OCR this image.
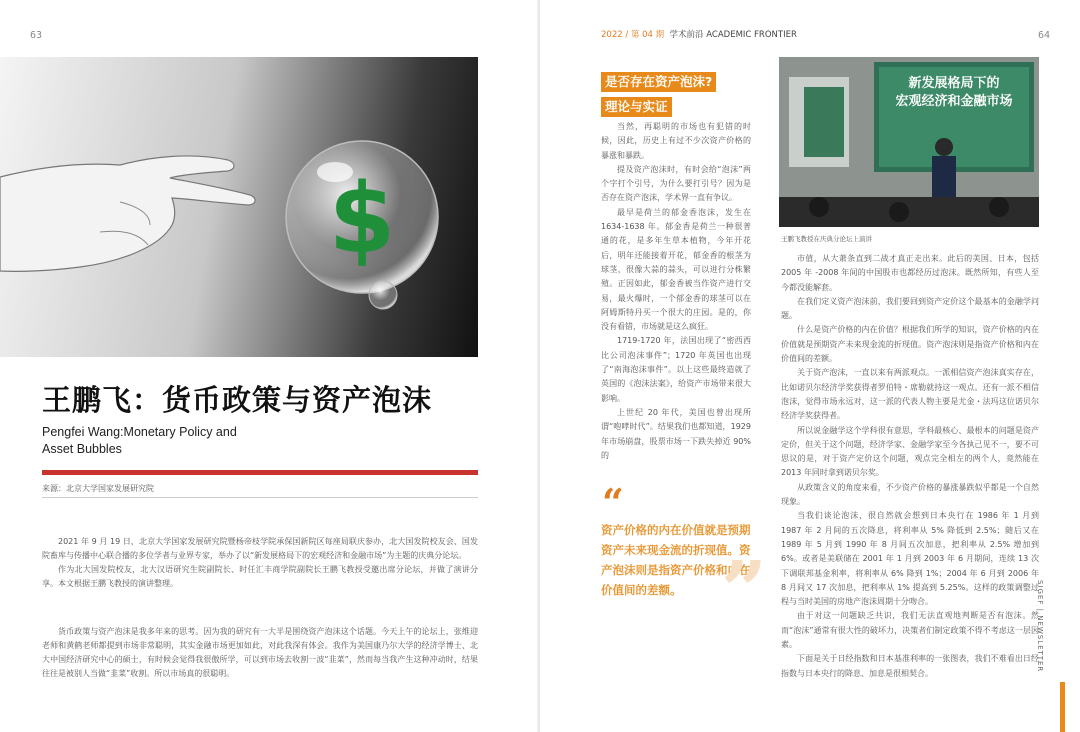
63
$
王鹏飞：货币政策与资产泡沫
Pengfei Wang:Monetary Policy and
Asset Bubbles
来源：北京大学国家发展研究院

2021 年 9 月 19 日，北京大学国家发展研究院暨杨帝枝学院承保国新院区每座局联庆参办，北大国发院校友会、国发院畜库与传播中心联合播的多位学者与业界专家，举办了以“新发展格局下的宏观经济和金融市场”为主题的庆典分论坛。

作为北大国发院校友，北大汉语研究生院副院长、时任汇丰商学院副院长王鹏飞教授受邀出席分论坛，并做了演讲分享。本文根据王鹏飞教授的演讲整理。

货币政策与资产泡沫是我多年来的思考。因为我的研究有一大半是围绕资产泡沫这个话题。今天上午的论坛上，张维迎老师和黄鹤老师都提到市场非常聪明，其实金融市场更加如此，对此我深有体会。我作为美国康乃尔大学的经济学博士、北大中国经济研究中心的硕士，有时候会觉得我很傲所学，可以到市场去收割一波“韭菜”，然而每当我产生这种冲动时，结果往往是被别人当做“韭菜”收割。所以市场真的很聪明。

2022 / 第 04 期 学术前沿 ACADEMIC FRONTIER	64
是否存在资产泡沫?
理论与实证

当然，再聪明的市场也有犯错的时候，因此，历史上有过不少次资产价格的暴涨和暴跌。

提及资产泡沫时，有时会给“泡沫”两个字打个引号，为什么要打引号？因为是否存在资产泡沫，学术界一直有争议。

最早是荷兰的郁金香泡沫，发生在1634-1638 年。郁金香是荷兰一种很普通的花，是多年生草本植物，今年开花后，明年还能接着开花，郁金香的根茎为球茎，很像大蒜的蒜头，可以进行分株繁殖。正因如此，郁金香被当作资产进行交易，最火爆时，一个郁金香的球茎可以在阿姆斯特丹买一个很大的庄园。是的，你没有看错，市场就是这么疯狂。

1719-1720 年，法国出现了“密西西比公司泡沫事件”；1720 年英国也出现了“南海泡沫事件”。以上这些最终造就了英国的《泡沫法案》，给资产市场带来很大影响。

上世纪 20 年代，美国也曾出现所谓“咆哮时代”。结果我们也都知道，1929 年市场崩盘，股票市场一下跌失掉近 90% 的

“
资产价格的内在价值就是预期资产未来现金流的折现值。资产泡沫则是指资产价格和内在价值间的差额。 ”
新发展格局下的
宏观经济和金融市场
王鹏飞教授在庆典分论坛上演讲

市值，从大萧条直到二战才真正走出来。此后的美国、日本，包括 2005 年 -2008 年间的中国股市也都经历过泡沫。既然所知，有些人至今都没能解套。

在我们定义资产泡沫前，我们要回到资产定价这个最基本的金融学问题。

什么是资产价格的内在价值？根据我们所学的知识，资产价格的内在价值就是预期资产未来现金流的折现值。资产泡沫则是指资产价格和内在价值间的差额。

关于资产泡沫，一直以来有两派观点。一派相信资产泡沫真实存在，比如诺贝尔经济学奖获得者罗伯特・席勒就持这一观点。还有一派不相信泡沫，觉得市场永远对，这一派的代表人物主要是尤金・法玛这位诺贝尔经济学奖获得者。

所以说金融学这个学科很有意思，学科最核心、最根本的问题是资产定价，但关于这个问题，经济学家、金融学家至今各执己见不一，要不可思议的是，对于资产定价这个问题，观点完全相左的两个人，竟然能在 2013 年同时拿到诺贝尔奖。

从政策含义的角度来看，不少资产价格的暴涨暴跌似乎都是一个自然现象。

当我们谈论泡沫，很自然就会想到日本央行在 1986 年 1 月到 1987 年 2 月间的五次降息，将利率从 5% 降低到 2.5%；随后又在 1989 年 5 月到 1990 年 8 月间五次加息，把利率从 2.5% 增加到 6%。或者是美联储在 2001 年 1 月到 2003 年 6 月期间，连续 13 次下调联邦基金利率，将利率从 6% 降到 1%；2004 年 6 月到 2006 年 8 月间又 17 次加息，把利率从 1% 提高到 5.25%。这样的政策调整过程与当时美国的房地产泡沫周期十分吻合。

由于对这一问题缺乏共识，我们无法直观地判断是否有泡沫。然而“泡沫”通常有很大性的破坏力，决策者们制定政策不得不考虑这一层因素。

下面是关于日经指数和日本基准利率的一张图表，我们不难看出日经指数与日本央行的降息、加息是很相契合。

SIGEF | NEWSLETTER
